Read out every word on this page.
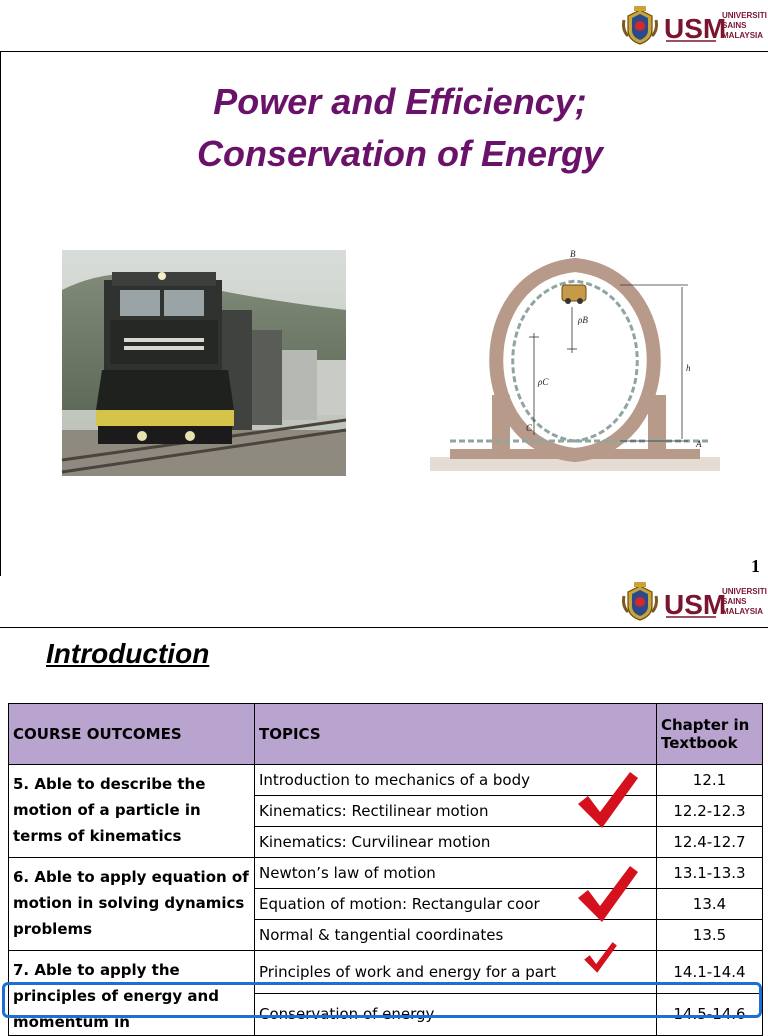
USM
UNIVERSITI
SAINS
MALAYSIA
Power and Efficiency;
Conservation of Energy
B
ρB
ρC
C
h
A
1
USM
UNIVERSITI
SAINS
MALAYSIA
Introduction
COURSE OUTCOMES	TOPICS	Chapter in Textbook
5. Able to describe the motion of a particle in terms of kinematics	Introduction to mechanics of a body	12.1
	Kinematics: Rectilinear motion	12.2-12.3
	Kinematics: Curvilinear motion	12.4-12.7
6. Able to apply equation of motion in solving dynamics problems	Newton’s law of motion	13.1-13.3
	Equation of motion: Rectangular coor	13.4
	Normal & tangential coordinates	13.5
7. Able to apply the principles of energy and momentum in	Principles of work and energy for a part	14.1-14.4
	Conservation of energy	14.5-14.6
